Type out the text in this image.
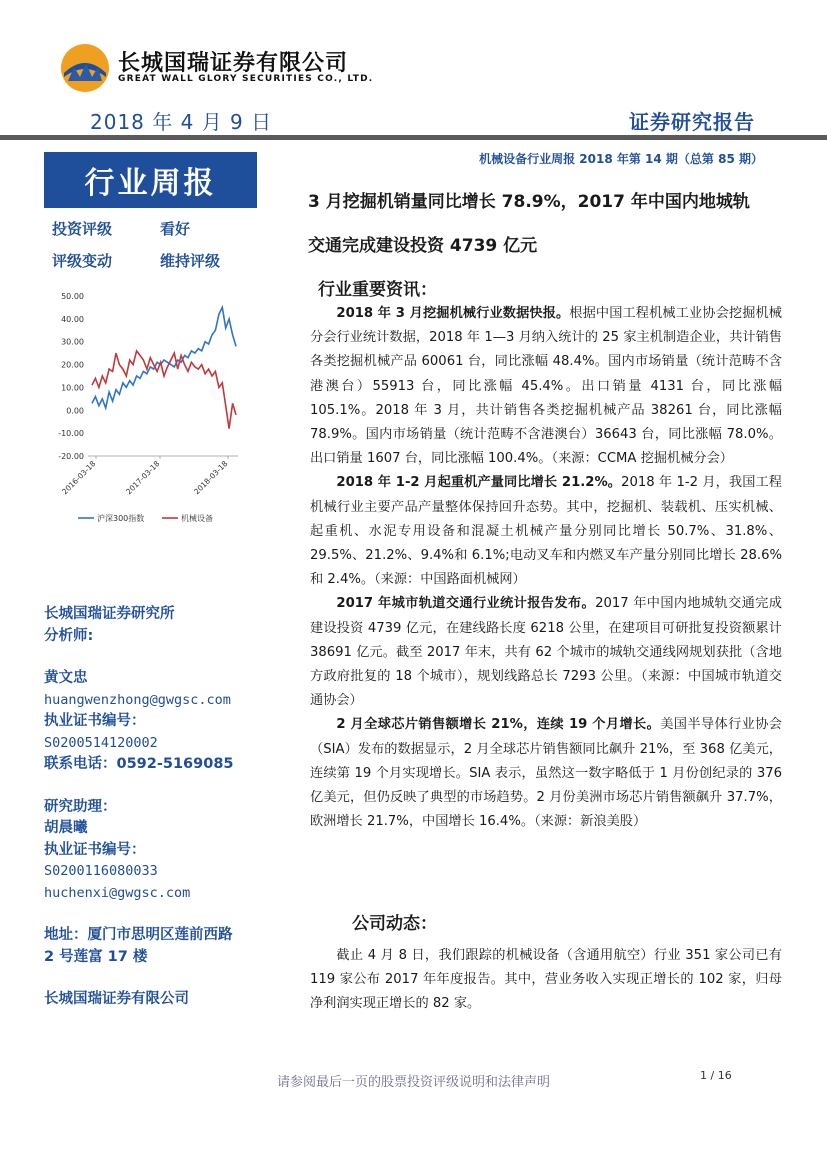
长城国瑞证券有限公司
GREAT WALL GLORY SECURITIES CO., LTD.
2018 年 4 月 9 日	证券研究报告
机械设备行业周报 2018 年第 14 期（总第 85 期）
行业周报
投资评级	看好
评级变动	维持评级
50.00
40.00
30.00
20.00
10.00
0.00
-10.00
-20.00
2016-03-18	2017-03-18	2018-03-18
沪深300指数	机械设备
长城国瑞证券研究所
分析师:
黄文忠
huangwenzhong@gwgsc.com
执业证书编号：
S0200514120002
联系电话：0592-5169085
研究助理：
胡晨曦
执业证书编号：
S0200116080033
huchenxi@gwgsc.com
地址：厦门市思明区莲前西路
2 号莲富 17 楼
长城国瑞证券有限公司
3 月挖掘机销量同比增长 78.9%，2017 年中国内地城轨
交通完成建设投资 4739 亿元
行业重要资讯：

2018 年 3 月挖掘机械行业数据快报。根据中国工程机械工业协会挖掘机械分会行业统计数据，2018 年 1—3 月纳入统计的 25 家主机制造企业，共计销售各类挖掘机械产品 60061 台，同比涨幅 48.4%。国内市场销量（统计范畴不含港澳台）55913 台，同比涨幅 45.4%。出口销量 4131 台，同比涨幅 105.1%。2018 年 3 月，共计销售各类挖掘机械产品 38261 台，同比涨幅 78.9%。国内市场销量（统计范畴不含港澳台）36643 台，同比涨幅 78.0%。出口销量 1607 台，同比涨幅 100.4%。（来源：CCMA 挖掘机械分会）

2018 年 1-2 月起重机产量同比增长 21.2%。2018 年 1-2 月，我国工程机械行业主要产品产量整体保持回升态势。其中，挖掘机、装载机、压实机械、起重机、水泥专用设备和混凝土机械产量分别同比增长 50.7%、31.8%、29.5%、21.2%、9.4%和 6.1%;电动叉车和内燃叉车产量分别同比增长 28.6%和 2.4%。（来源：中国路面机械网）

2017 年城市轨道交通行业统计报告发布。2017 年中国内地城轨交通完成建设投资 4739 亿元，在建线路长度 6218 公里，在建项目可研批复投资额累计 38691 亿元。截至 2017 年末，共有 62 个城市的城轨交通线网规划获批（含地方政府批复的 18 个城市），规划线路总长 7293 公里。（来源：中国城市轨道交通协会）

2 月全球芯片销售额增长 21%，连续 19 个月增长。美国半导体行业协会（SIA）发布的数据显示，2 月全球芯片销售额同比飙升 21%，至 368 亿美元，连续第 19 个月实现增长。SIA 表示，虽然这一数字略低于 1 月份创纪录的 376 亿美元，但仍反映了典型的市场趋势。2 月份美洲市场芯片销售额飙升 37.7%，欧洲增长 21.7%，中国增长 16.4%。（来源：新浪美股）

公司动态：

截止 4 月 8 日，我们跟踪的机械设备（含通用航空）行业 351 家公司已有 119 家公布 2017 年年度报告。其中，营业务收入实现正增长的 102 家，归母净利润实现正增长的 82 家。

请参阅最后一页的股票投资评级说明和法律声明	1 / 16
